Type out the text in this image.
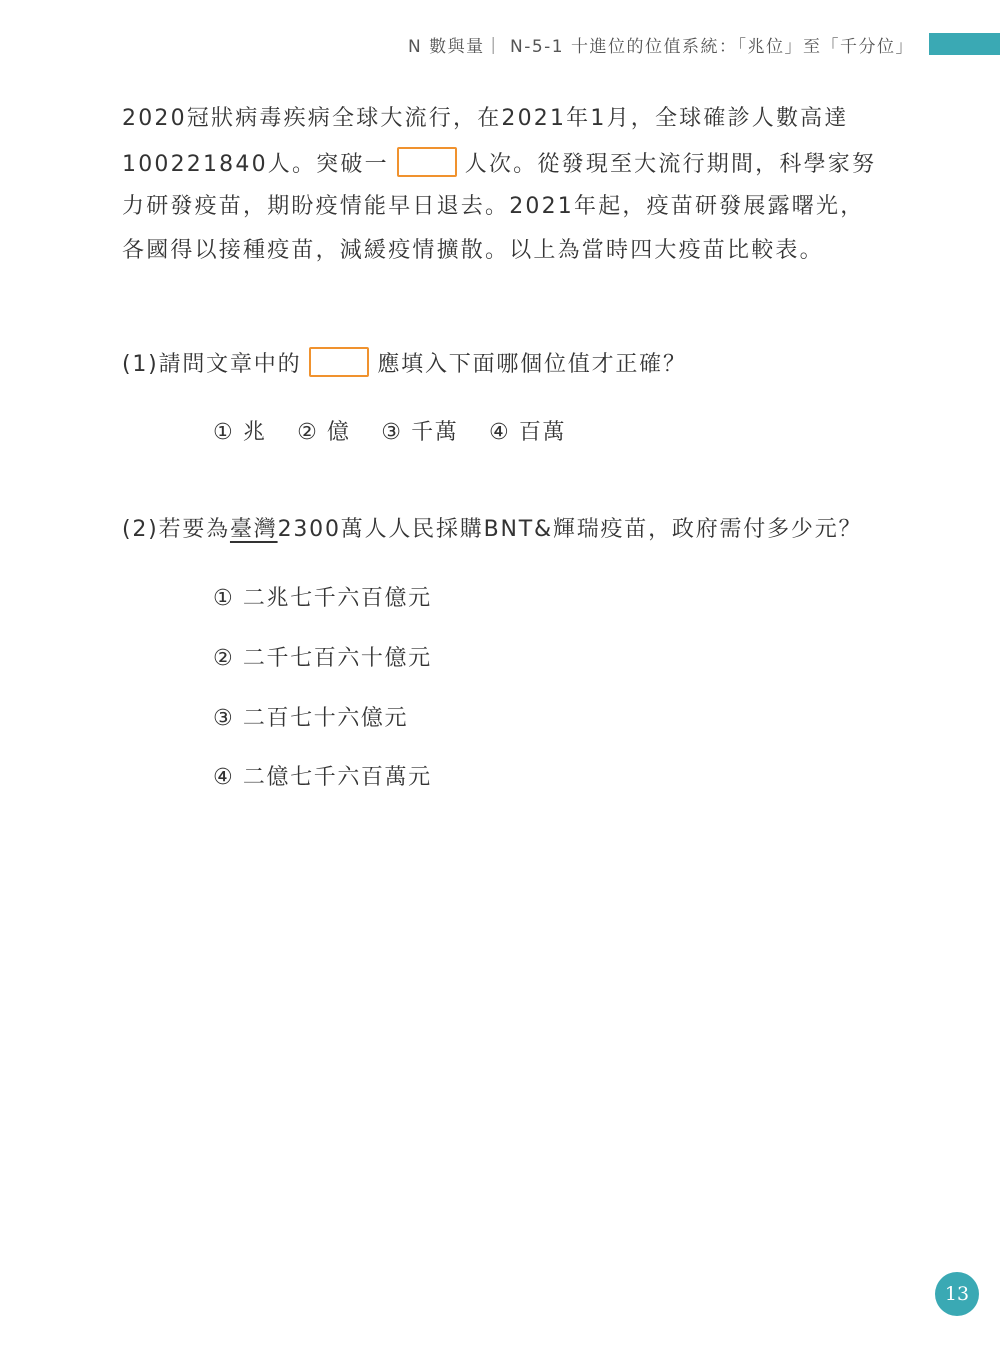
N 數與量｜ N-5-1 十進位的位值系統：「兆位」至「千分位」
2020冠狀病毒疾病全球大流行，在2021年1月，全球確診人數高達
100221840人。突破一	人次。從發現至大流行期間，科學家努
力研發疫苗，期盼疫情能早日退去。2021年起，疫苗研發展露曙光，
各國得以接種疫苗，減緩疫情擴散。以上為當時四大疫苗比較表。
(1)請問文章中的	應填入下面哪個位值才正確？
① 兆 ② 億 ③ 千萬 ④ 百萬
(2)若要為臺灣2300萬人人民採購BNT&輝瑞疫苗，政府需付多少元？
① 二兆七千六百億元
② 二千七百六十億元
③ 二百七十六億元
④ 二億七千六百萬元
13
